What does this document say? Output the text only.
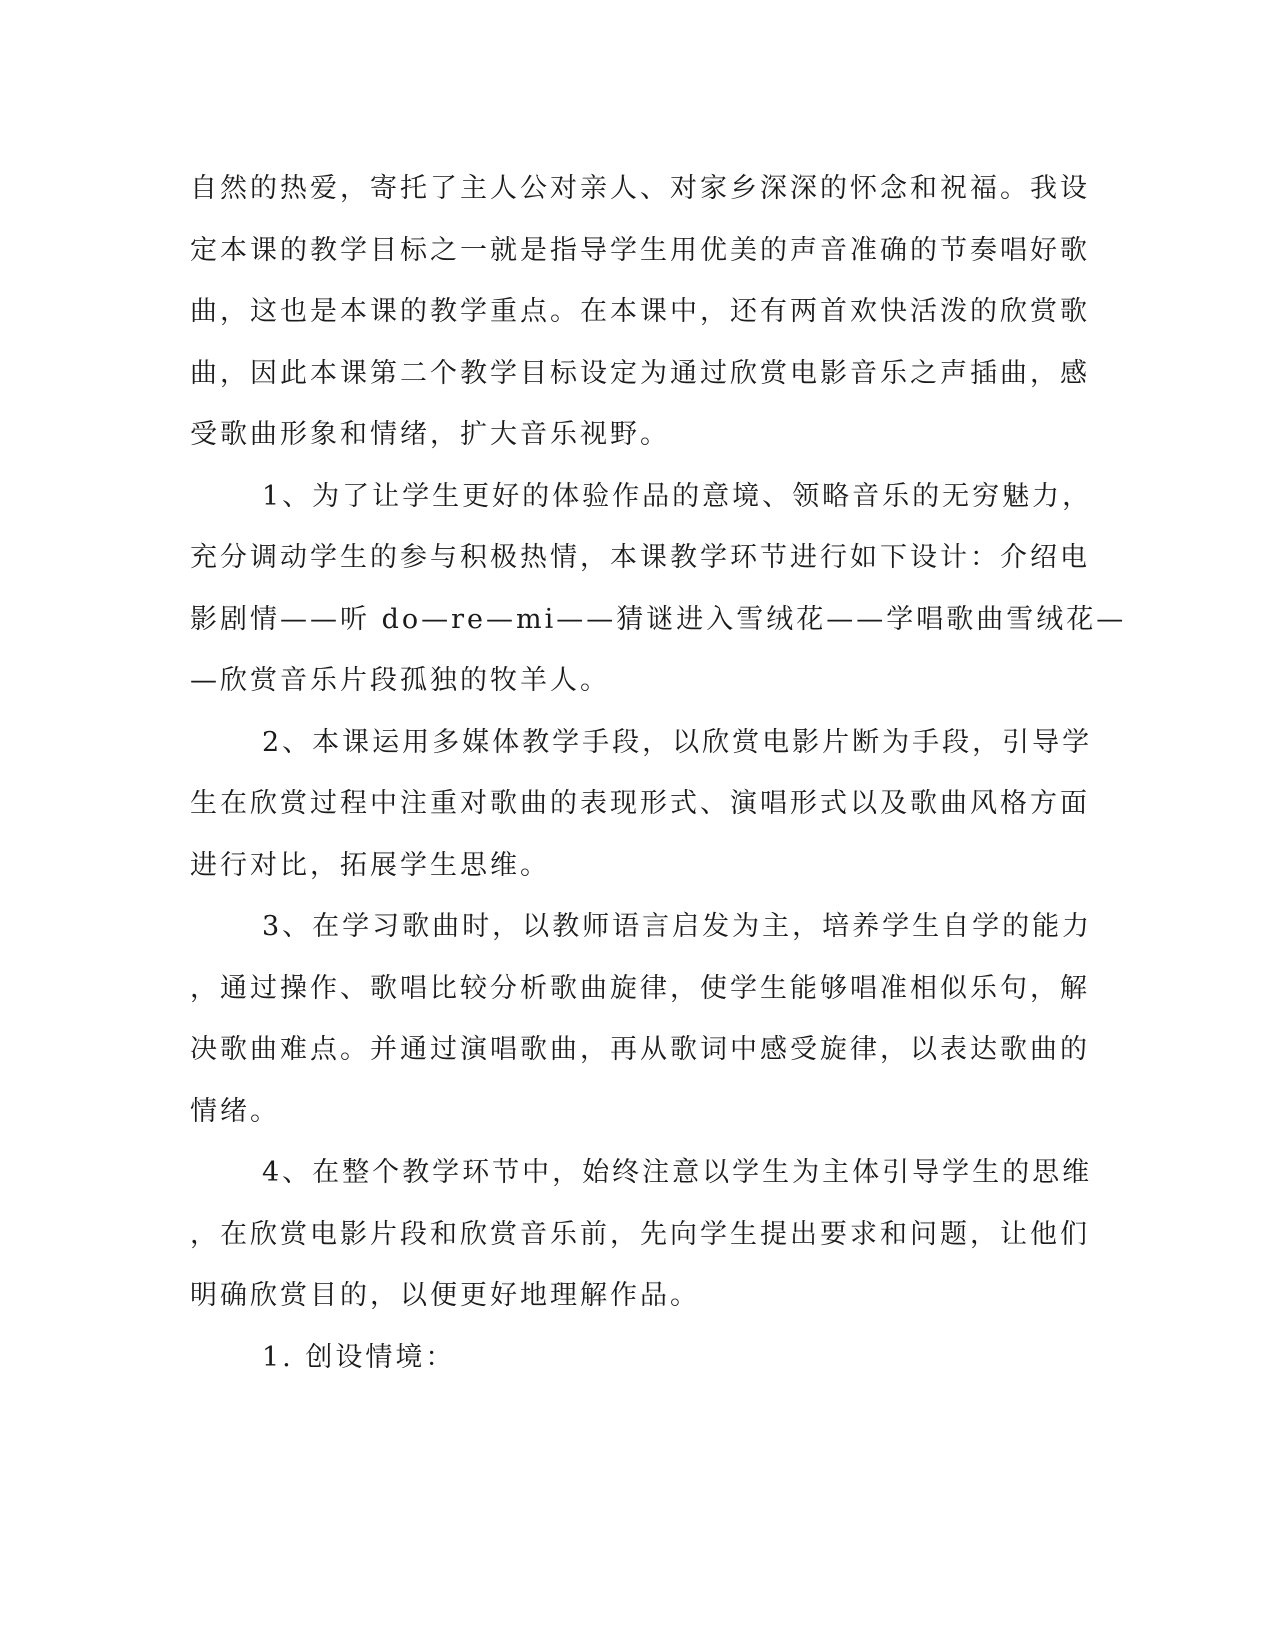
自然的热爱，寄托了主人公对亲人、对家乡深深的怀念和祝福。我设
定本课的教学目标之一就是指导学生用优美的声音准确的节奏唱好歌
曲，这也是本课的教学重点。在本课中，还有两首欢快活泼的欣赏歌
曲，因此本课第二个教学目标设定为通过欣赏电影音乐之声插曲，感
受歌曲形象和情绪，扩大音乐视野。
1、为了让学生更好的体验作品的意境、领略音乐的无穷魅力，
充分调动学生的参与积极热情，本课教学环节进行如下设计：介绍电
影剧情——听 do—re—mi——猜谜进入雪绒花——学唱歌曲雪绒花—
—欣赏音乐片段孤独的牧羊人。
2、本课运用多媒体教学手段，以欣赏电影片断为手段，引导学
生在欣赏过程中注重对歌曲的表现形式、演唱形式以及歌曲风格方面
进行对比，拓展学生思维。
3、在学习歌曲时，以教师语言启发为主，培养学生自学的能力
，通过操作、歌唱比较分析歌曲旋律，使学生能够唱准相似乐句，解
决歌曲难点。并通过演唱歌曲，再从歌词中感受旋律，以表达歌曲的
情绪。
4、在整个教学环节中，始终注意以学生为主体引导学生的思维
，在欣赏电影片段和欣赏音乐前，先向学生提出要求和问题，让他们
明确欣赏目的，以便更好地理解作品。
1. 创设情境：
